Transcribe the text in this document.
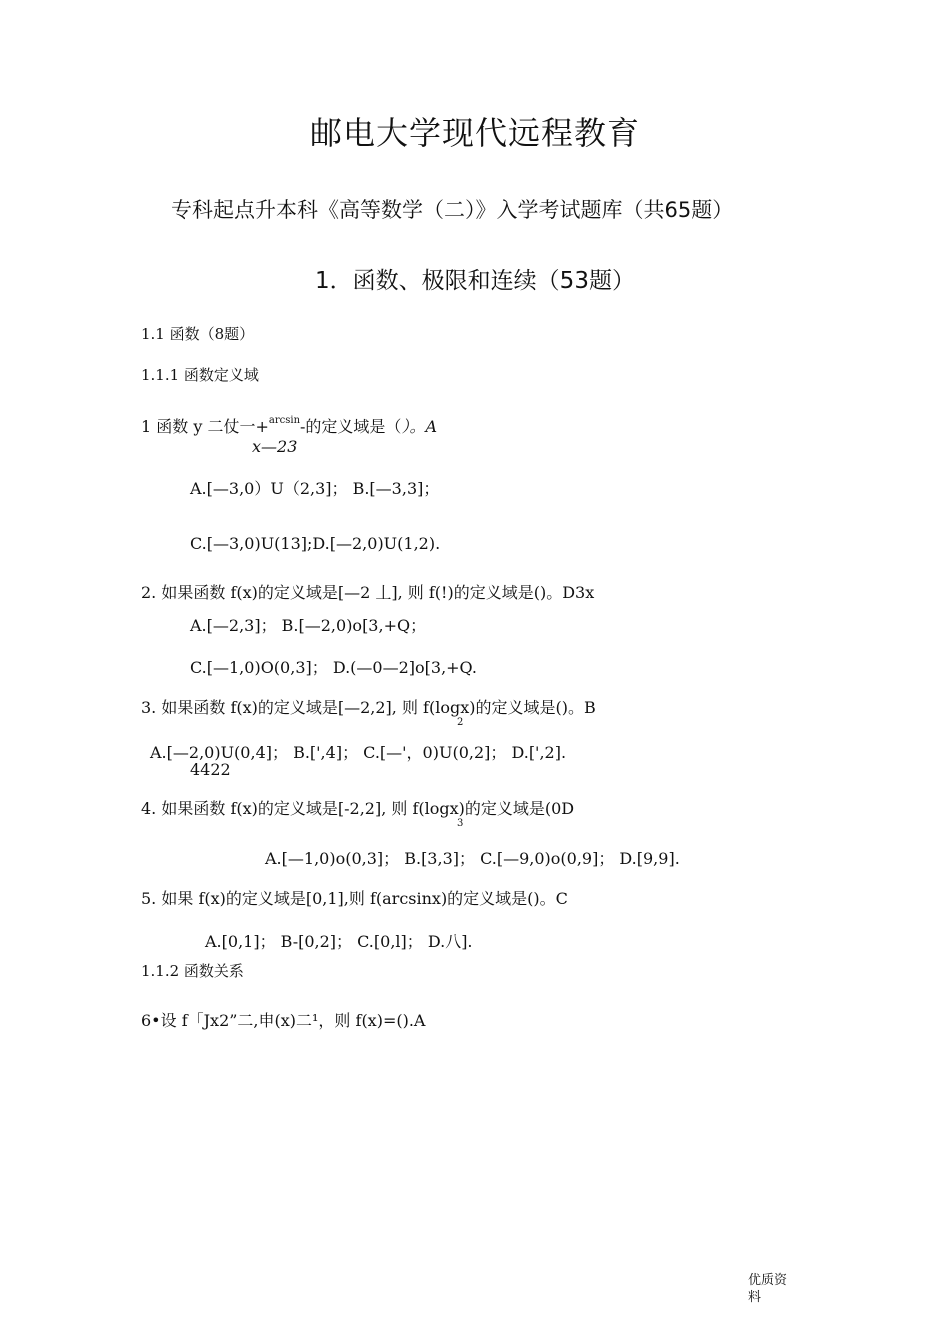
邮电大学现代远程教育
专科起点升本科《高等数学（二）》入学考试题库（共65题）
1．函数、极限和连续（53题）
1.1 函数（8题）
1.1.1 函数定义域
1 函数 y 二仗一+$^{arcsin}$-的定义域是（）。A
x—23
A.[—3,0）U（2,3]； B.[—3,3]；
C.[—3,0)U(13];D.[—2,0)U(1,2).
2. 如果函数 f(x)的定义域是[—2 丄], 则 f(!)的定义域是()。D3x
A.[—2,3]； B.[—2,0)o[3,+Q；
C.[—1,0)O(0,3]； D.(—0—2]o[3,+Q.
3. 如果函数 f(x)的定义域是[—2,2], 则 f(logx)的定义域是()。B
2
A.[—2,0)U(0,4]； B.[',4]； C.[—'，0)U(0,2]； D.[',2].
4422
4. 如果函数 f(x)的定义域是[-2,2], 则 f(logx)的定义域是(0D
3
A.[—1,0)o(0,3]； B.[3,3]； C.[—9,0)o(0,9]； D.[9,9].
5. 如果 f(x)的定义域是[0,1],则 f(arcsinx)的定义域是()。C
A.[0,1]； B-[0,2]； C.[0,l]； D.八].
1.1.2 函数关系
6•设 f「Jx2”二,申(x)二¹，则 f(x)=().A
优质资料
